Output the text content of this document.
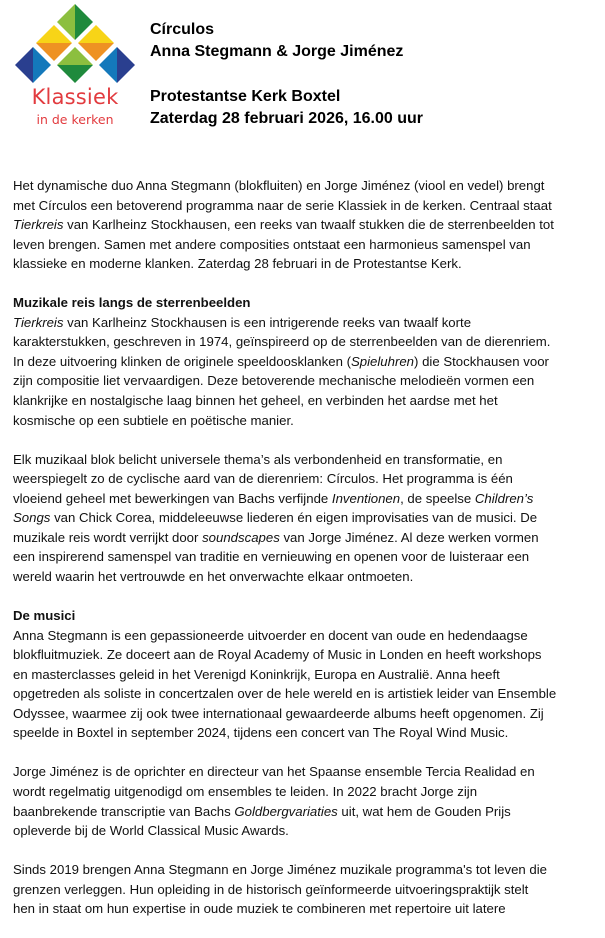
Klassiek
in de kerken
Círculos
Anna Stegmann & Jorge Jiménez
Protestantse Kerk Boxtel
Zaterdag 28 februari 2026, 16.00 uur

Het dynamische duo Anna Stegmann (blokfluiten) en Jorge Jiménez (viool en vedel) brengt
met Círculos een betoverend programma naar de serie Klassiek in de kerken. Centraal staat
Tierkreis van Karlheinz Stockhausen, een reeks van twaalf stukken die de sterrenbeelden tot
leven brengen. Samen met andere composities ontstaat een harmonieus samenspel van
klassieke en moderne klanken. Zaterdag 28 februari in de Protestantse Kerk.

Muzikale reis langs de sterrenbeelden
Tierkreis van Karlheinz Stockhausen is een intrigerende reeks van twaalf korte
karakterstukken, geschreven in 1974, geïnspireerd op de sterrenbeelden van de dierenriem.
In deze uitvoering klinken de originele speeldoosklanken (Spieluhren) die Stockhausen voor
zijn compositie liet vervaardigen. Deze betoverende mechanische melodieën vormen een
klankrijke en nostalgische laag binnen het geheel, en verbinden het aardse met het
kosmische op een subtiele en poëtische manier.

Elk muzikaal blok belicht universele thema’s als verbondenheid en transformatie, en
weerspiegelt zo de cyclische aard van de dierenriem: Círculos. Het programma is één
vloeiend geheel met bewerkingen van Bachs verfijnde Inventionen, de speelse Children’s
Songs van Chick Corea, middeleeuwse liederen én eigen improvisaties van de musici. De
muzikale reis wordt verrijkt door soundscapes van Jorge Jiménez. Al deze werken vormen
een inspirerend samenspel van traditie en vernieuwing en openen voor de luisteraar een
wereld waarin het vertrouwde en het onverwachte elkaar ontmoeten.

De musici
Anna Stegmann is een gepassioneerde uitvoerder en docent van oude en hedendaagse
blokfluitmuziek. Ze doceert aan de Royal Academy of Music in Londen en heeft workshops
en masterclasses geleid in het Verenigd Koninkrijk, Europa en Australië. Anna heeft
opgetreden als soliste in concertzalen over de hele wereld en is artistiek leider van Ensemble
Odyssee, waarmee zij ook twee internationaal gewaardeerde albums heeft opgenomen. Zij
speelde in Boxtel in september 2024, tijdens een concert van The Royal Wind Music.

Jorge Jiménez is de oprichter en directeur van het Spaanse ensemble Tercia Realidad en
wordt regelmatig uitgenodigd om ensembles te leiden. In 2022 bracht Jorge zijn
baanbrekende transcriptie van Bachs Goldbergvariaties uit, wat hem de Gouden Prijs
opleverde bij de World Classical Music Awards.

Sinds 2019 brengen Anna Stegmann en Jorge Jiménez muzikale programma's tot leven die
grenzen verleggen. Hun opleiding in de historisch geïnformeerde uitvoeringspraktijk stelt
hen in staat om hun expertise in oude muziek te combineren met repertoire uit latere
